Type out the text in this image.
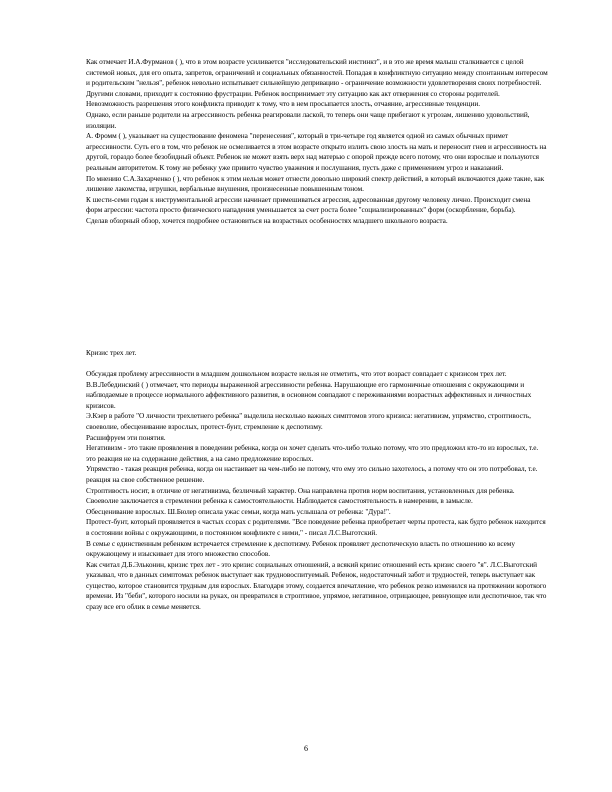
Как отмечает И.А.Фурманов ( ), что в этом возрасте усиливается "исследовательский инстинкт", и в это же время малыш сталкивается с целой системой новых, для его опыта, запретов, ограничений и социальных обязанностей. Попадая в конфликтную ситуацию между спонтанным интересом и родительским "нельзя", ребенок невольно испытывает сильнейшую депривацию - ограничение возможности удовлетворения своих потребностей. Другими словами, приходит к состоянию фрустрации. Ребенок воспринимает эту ситуацию как акт отвержения со стороны родителей. Невозможность разрешения этого конфликта приводит к тому, что в нем просыпается злость, отчаяние, агрессивные тенденции.

Однако, если раньше родители на агрессивность ребенка реагировали лаской, то теперь они чаще прибегают к угрозам, лишению удовольствий, изоляции.

А. Фромм ( ), указывает на существование феномена "перенесения", который в три-четыре год является одной из самых обычных примет агрессивности. Суть его в том, что ребенок не осмеливается в этом возрасте открыто излить свою злость на мать и переносит гнев и агрессивность на другой, гораздо более безобидный объект. Ребенок не может взять верх над матерью с опорой прежде всего потому, что они взрослые и пользуются реальным авторитетом. К тому же ребенку уже привито чувство уважения и послушания, пусть даже с применением угроз и наказаний.

По мнению С.А.Захарченко ( ), что ребенок к этим нельзя может отнести довольно широкий спектр действий, в который включаются даже такие, как лишение лакомства, игрушки, вербальные внушения, произнесенные повышенным тоном.

К шести-семи годам к инструментальной агрессии начинает примешиваться агрессия, адресованная другому человеку лично. Происходит смена форм агрессии: частота просто физического нападения уменьшается за счет роста более "социализированных" форм (оскорбление, борьба).

Сделав обзорный обзор, хочется подробнее остановиться на возрастных особенностях младшего школьного возраста.

Кризис трех лет.

Обсуждая проблему агрессивности в младшем дошкольном возрасте нельзя не отметить, что этот возраст совпадает с кризисом трех лет.

В.В.Лебединский ( ) отмечает, что периоды выраженной агрессивности ребенка. Нарушающие его гармоничные отношения с окружающими и наблюдаемые в процессе нормального аффективного развития, в основном совпадают с переживаниями возрастных аффективных и личностных кризисов.

Э.Кэер в работе "О личности трехлетнего ребенка" выделила несколько важных симптомов этого кризиса: негативизм, упрямство, строптивость, своеволие, обесценивание взрослых, протест-бунт, стремление к деспотизму.

Расшифруем эти понятия.

Негативизм - это такие проявления в поведении ребенка, когда он хочет сделать что-либо только потому, что это предложил кто-то из взрослых, т.е. это реакция не на содержание действия, а на само предложение взрослых.

Упрямство - такая реакция ребенка, когда он настаивает на чем-либо не потому, что ему это сильно захотелось, а потому что он это потребовал, т.е. реакция на свое собственное решение.

Строптивость носит, в отличие от негативизма, безличный характер. Она направлена против норм воспитания, установленных для ребенка.

Своеволие заключается в стремлении ребенка к самостоятельности. Наблюдается самостоятельность в намерении, в замысле.

Обесценивание взрослых. Ш.Бюлер описала ужас семьи, когда мать услышала от ребенка: "Дура!".

Протест-бунт, который проявляется в частых ссорах с родителями. "Все поведение ребенка приобретает черты протеста, как будто ребенок находится в состоянии войны с окружающими, в постоянном конфликте с ними," - писал Л.С.Выготский.

В семье с единственным ребенком встречается стремление к деспотизму. Ребенок проявляет деспотическую власть по отношению ко всему окружающему и изыскивает для этого множество способов.

Как считал Д.Б.Эльконин, кризис трех лет - это кризис социальных отношений, а всякий кризис отношений есть кризис своего "я". Л.С.Выготский указывал, что в данных симптомах ребенок выступает как трудновоспитуемый. Ребенок, недостаточный забот и трудностей, теперь выступает как существо, которое становится трудным для взрослых. Благодаря этому, создается впечатление, что ребенок резко изменился на протяжении короткого времени. Из "беби", которого носили на руках, он превратился в строптивое, упрямое, негативное, отрицающее, ревнующее или деспотичное, так что сразу все его облик в семье меняется.

6
